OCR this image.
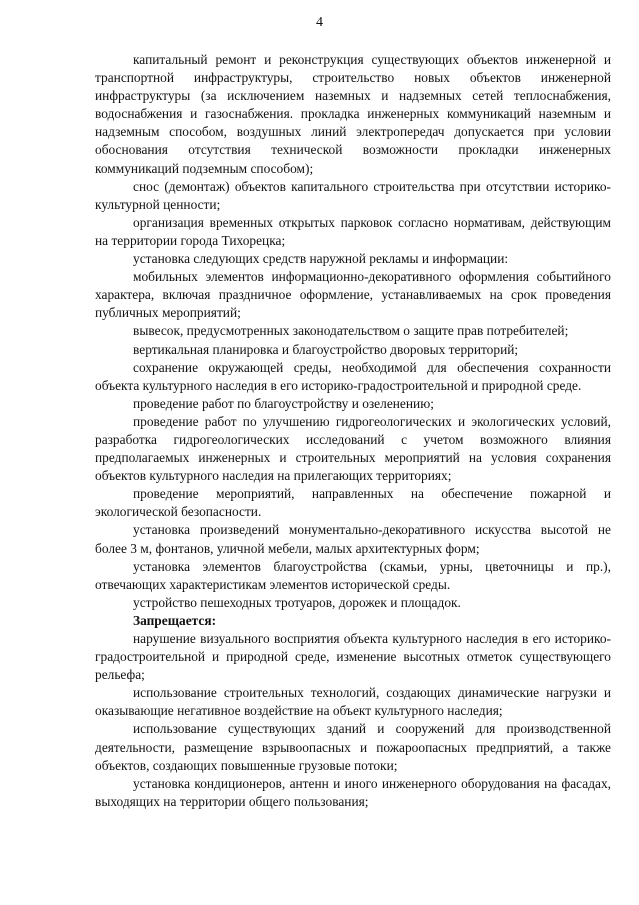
4

капитальный ремонт и реконструкция существующих объектов инженерной и транспортной инфраструктуры, строительство новых объектов инженерной инфраструктуры (за исключением наземных и надземных сетей теплоснабжения, водоснабжения и газоснабжения. прокладка инженерных коммуникаций наземным и надземным способом, воздушных линий электропередач допускается при условии обоснования отсутствия технической возможности прокладки инженерных коммуникаций подземным способом);

снос (демонтаж) объектов капитального строительства при отсутствии историко-культурной ценности;

организация временных открытых парковок согласно нормативам, действующим на территории города Тихорецка;

установка следующих средств наружной рекламы и информации:

мобильных элементов информационно-декоративного оформления событийного характера, включая праздничное оформление, устанавливаемых на срок проведения публичных мероприятий;

вывесок, предусмотренных законодательством о защите прав потребителей;

вертикальная планировка и благоустройство дворовых территорий;

сохранение окружающей среды, необходимой для обеспечения сохранности объекта культурного наследия в его историко-градостроительной и природной среде.

проведение работ по благоустройству и озеленению;

проведение работ по улучшению гидрогеологических и экологических условий, разработка гидрогеологических исследований с учетом возможного влияния предполагаемых инженерных и строительных мероприятий на условия сохранения объектов культурного наследия на прилегающих территориях;

проведение мероприятий, направленных на обеспечение пожарной и экологической безопасности.

установка произведений монументально-декоративного искусства высотой не более 3 м, фонтанов, уличной мебели, малых архитектурных форм;

установка элементов благоустройства (скамьи, урны, цветочницы и пр.), отвечающих характеристикам элементов исторической среды.

устройство пешеходных тротуаров, дорожек и площадок.

Запрещается:

нарушение визуального восприятия объекта культурного наследия в его историко-градостроительной и природной среде, изменение высотных отметок существующего рельефа;

использование строительных технологий, создающих динамические нагрузки и оказывающие негативное воздействие на объект культурного наследия;

использование существующих зданий и сооружений для производственной деятельности, размещение взрывоопасных и пожароопасных предприятий, а также объектов, создающих повышенные грузовые потоки;

установка кондиционеров, антенн и иного инженерного оборудования на фасадах, выходящих на территории общего пользования;
